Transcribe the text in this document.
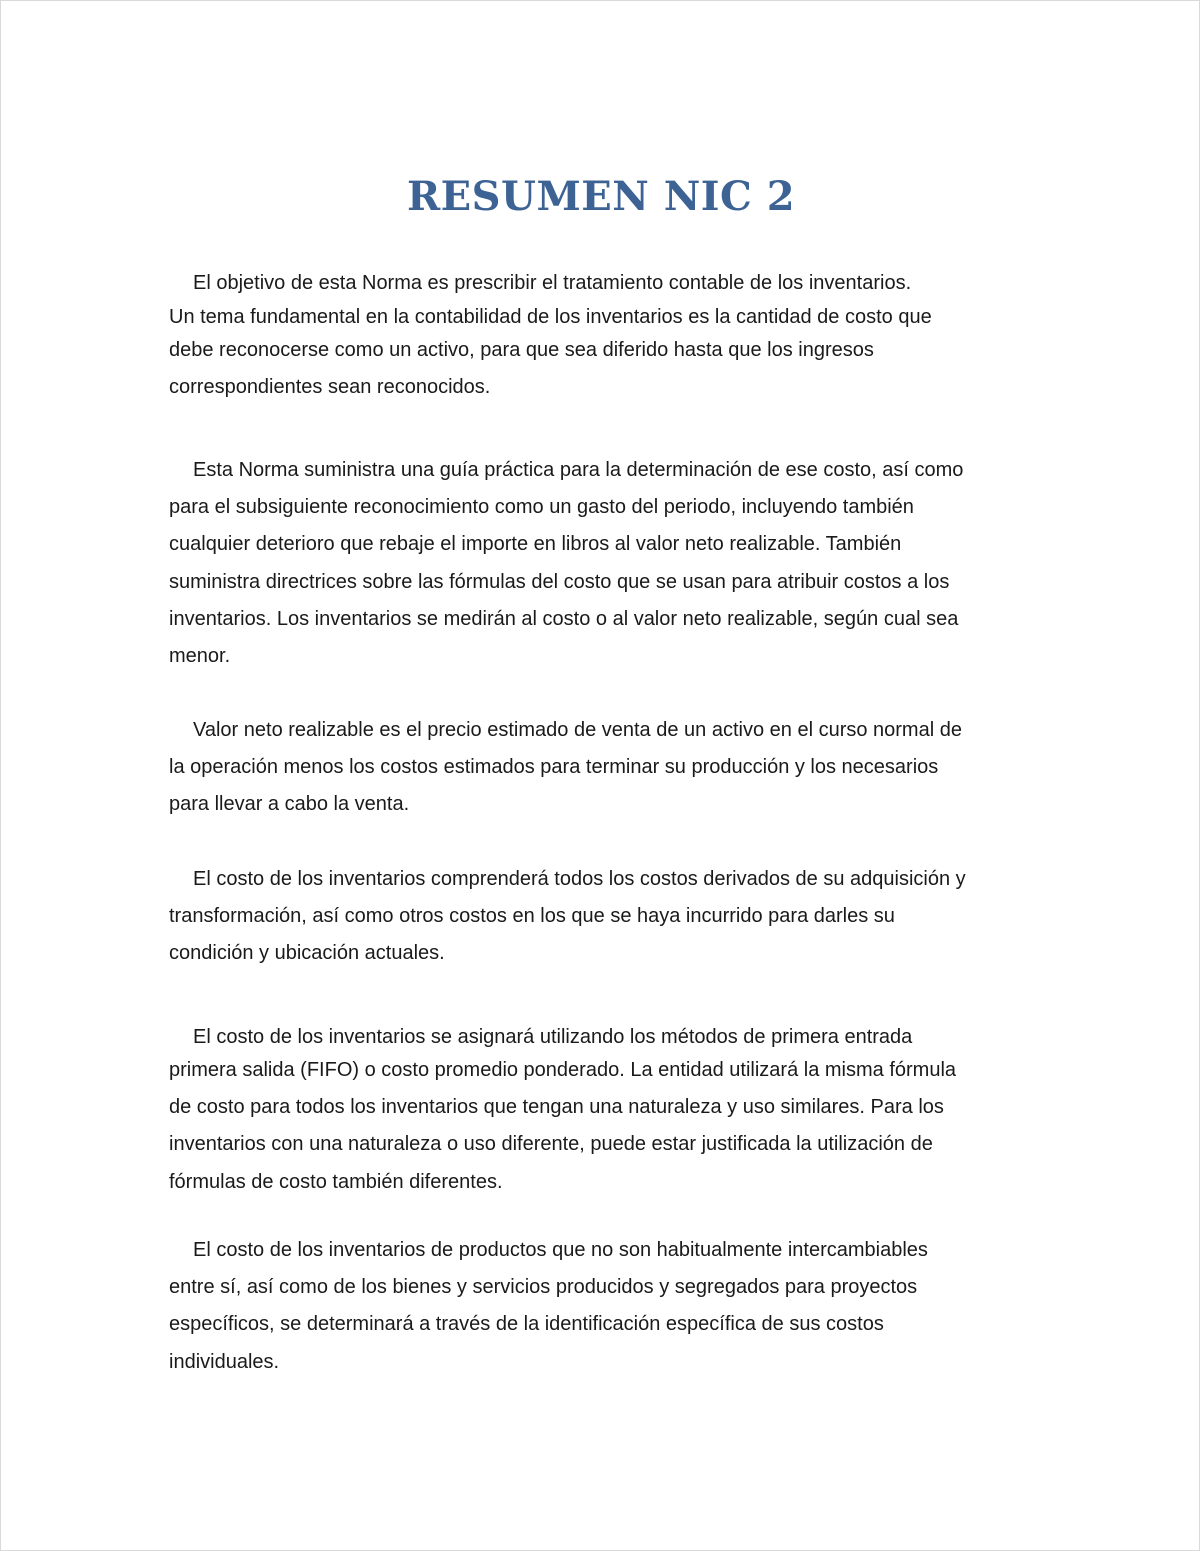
RESUMEN NIC 2

El objetivo de esta Norma es prescribir el tratamiento contable de los inventarios.
Un tema fundamental en la contabilidad de los inventarios es la cantidad de costo que
debe reconocerse como un activo, para que sea diferido hasta que los ingresos
correspondientes sean reconocidos.

Esta Norma suministra una guía práctica para la determinación de ese costo, así como
para el subsiguiente reconocimiento como un gasto del periodo, incluyendo también
cualquier deterioro que rebaje el importe en libros al valor neto realizable. También
suministra directrices sobre las fórmulas del costo que se usan para atribuir costos a los
inventarios. Los inventarios se medirán al costo o al valor neto realizable, según cual sea
menor.

Valor neto realizable es el precio estimado de venta de un activo en el curso normal de
la operación menos los costos estimados para terminar su producción y los necesarios
para llevar a cabo la venta.

El costo de los inventarios comprenderá todos los costos derivados de su adquisición y
transformación, así como otros costos en los que se haya incurrido para darles su
condición y ubicación actuales.

El costo de los inventarios se asignará utilizando los métodos de primera entrada
primera salida (FIFO) o costo promedio ponderado. La entidad utilizará la misma fórmula
de costo para todos los inventarios que tengan una naturaleza y uso similares. Para los
inventarios con una naturaleza o uso diferente, puede estar justificada la utilización de
fórmulas de costo también diferentes.

El costo de los inventarios de productos que no son habitualmente intercambiables
entre sí, así como de los bienes y servicios producidos y segregados para proyectos
específicos, se determinará a través de la identificación específica de sus costos
individuales.
